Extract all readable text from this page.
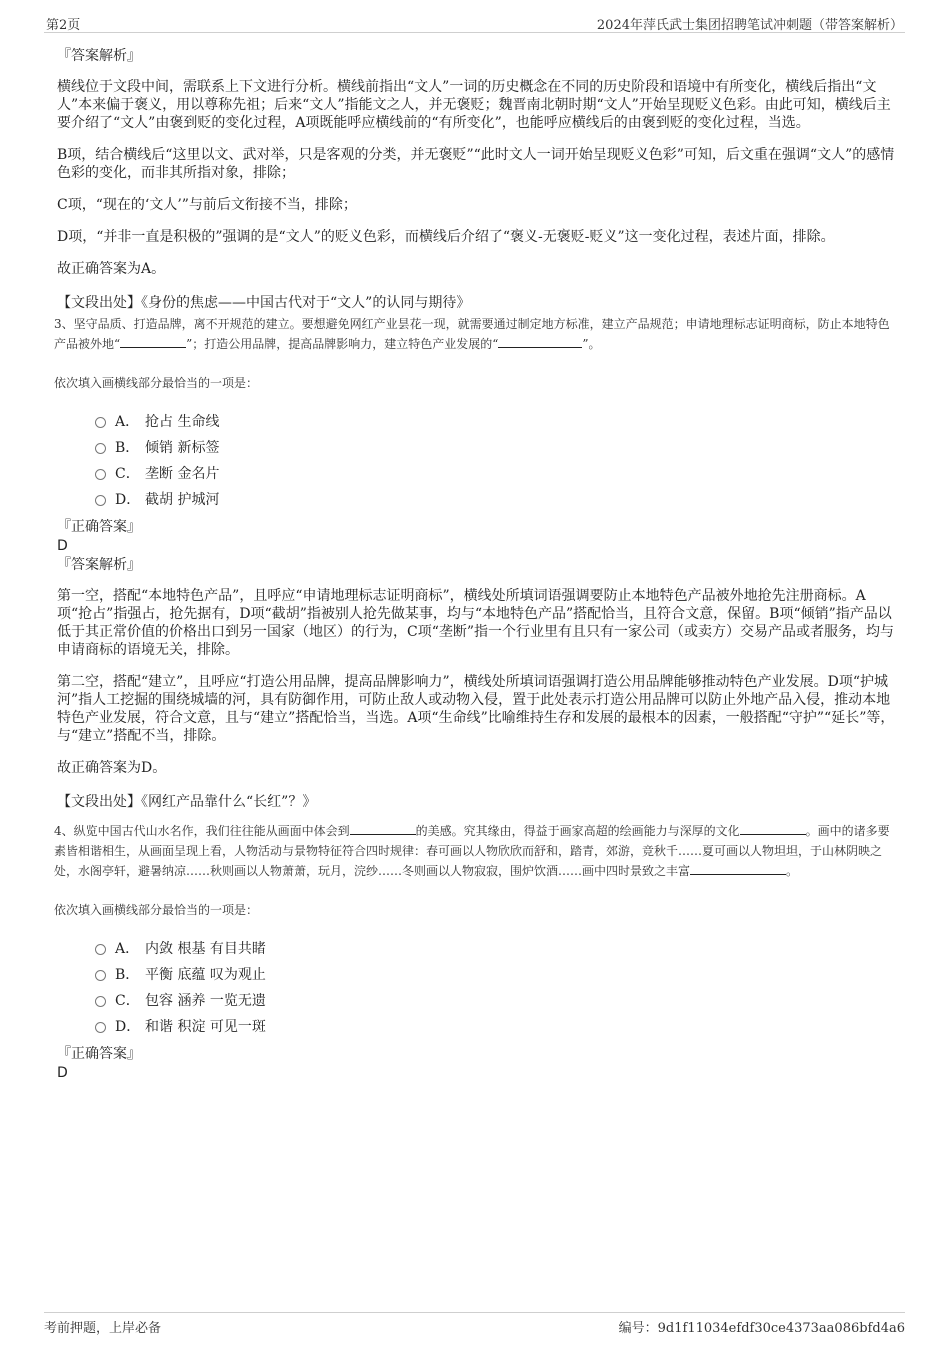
第2页	2024年萍氏武士集团招聘笔试冲刺题（带答案解析）
『答案解析』

横线位于文段中间，需联系上下文进行分析。横线前指出“文人”一词的历史概念在不同的历史阶段和语境中有所变化，横线后指出“文人”本来偏于褒义，用以尊称先祖；后来“文人”指能文之人，并无褒贬；魏晋南北朝时期“文人”开始呈现贬义色彩。由此可知，横线后主要介绍了“文人”由褒到贬的变化过程，A项既能呼应横线前的“有所变化”，也能呼应横线后的由褒到贬的变化过程，当选。

B项，结合横线后“这里以文、武对举，只是客观的分类，并无褒贬”“此时文人一词开始呈现贬义色彩”可知，后文重在强调“文人”的感情色彩的变化，而非其所指对象，排除；

C项，“现在的‘文人’”与前后文衔接不当，排除；

D项，“并非一直是积极的”强调的是“文人”的贬义色彩，而横线后介绍了“褒义-无褒贬-贬义”这一变化过程，表述片面，排除。

故正确答案为A。

【文段出处】《身份的焦虑——中国古代对于“文人”的认同与期待》
3、坚守品质、打造品牌，离不开规范的建立。要想避免网红产业昙花一现，就需要通过制定地方标准，建立产品规范；申请地理标志证明商标，防止本地特色产品被外地“	”；打造公用品牌，提高品牌影响力，建立特色产业发展的“	”。
依次填入画横线部分最恰当的一项是：
A． 抢占 生命线
B． 倾销 新标签
C． 垄断 金名片
D． 截胡 护城河
『正确答案』
D
『答案解析』

第一空，搭配“本地特色产品”，且呼应“申请地理标志证明商标”，横线处所填词语强调要防止本地特色产品被外地抢先注册商标。A项“抢占”指强占，抢先据有，D项“截胡”指被别人抢先做某事，均与“本地特色产品”搭配恰当，且符合文意，保留。B项“倾销”指产品以低于其正常价值的价格出口到另一国家（地区）的行为，C项“垄断”指一个行业里有且只有一家公司（或卖方）交易产品或者服务，均与申请商标的语境无关，排除。

第二空，搭配“建立”，且呼应“打造公用品牌，提高品牌影响力”，横线处所填词语强调打造公用品牌能够推动特色产业发展。D项“护城河”指人工挖掘的围绕城墙的河，具有防御作用，可防止敌人或动物入侵，置于此处表示打造公用品牌可以防止外地产品入侵，推动本地特色产业发展，符合文意，且与“建立”搭配恰当，当选。A项“生命线”比喻维持生存和发展的最根本的因素，一般搭配“守护”“延长”等，与“建立”搭配不当，排除。

故正确答案为D。

【文段出处】《网红产品靠什么“长红”？》
4、纵览中国古代山水名作，我们往往能从画面中体会到	的美感。究其缘由，得益于画家高超的绘画能力与深厚的文化	。画中的诸多要素皆相谐相生，从画面呈现上看，人物活动与景物特征符合四时规律：春可画以人物欣欣而舒和，踏青，郊游，竞秋千……夏可画以人物坦坦，于山林阴映之处，水阁亭轩，避暑纳凉……秋则画以人物萧萧，玩月，浣纱……冬则画以人物寂寂，围炉饮酒……画中四时景致之丰富	。
依次填入画横线部分最恰当的一项是：
A． 内敛 根基 有目共睹
B． 平衡 底蕴 叹为观止
C． 包容 涵养 一览无遗
D． 和谐 积淀 可见一斑
『正确答案』
D
考前押题，上岸必备	编号：9d1f11034efdf30ce4373aa086bfd4a6
